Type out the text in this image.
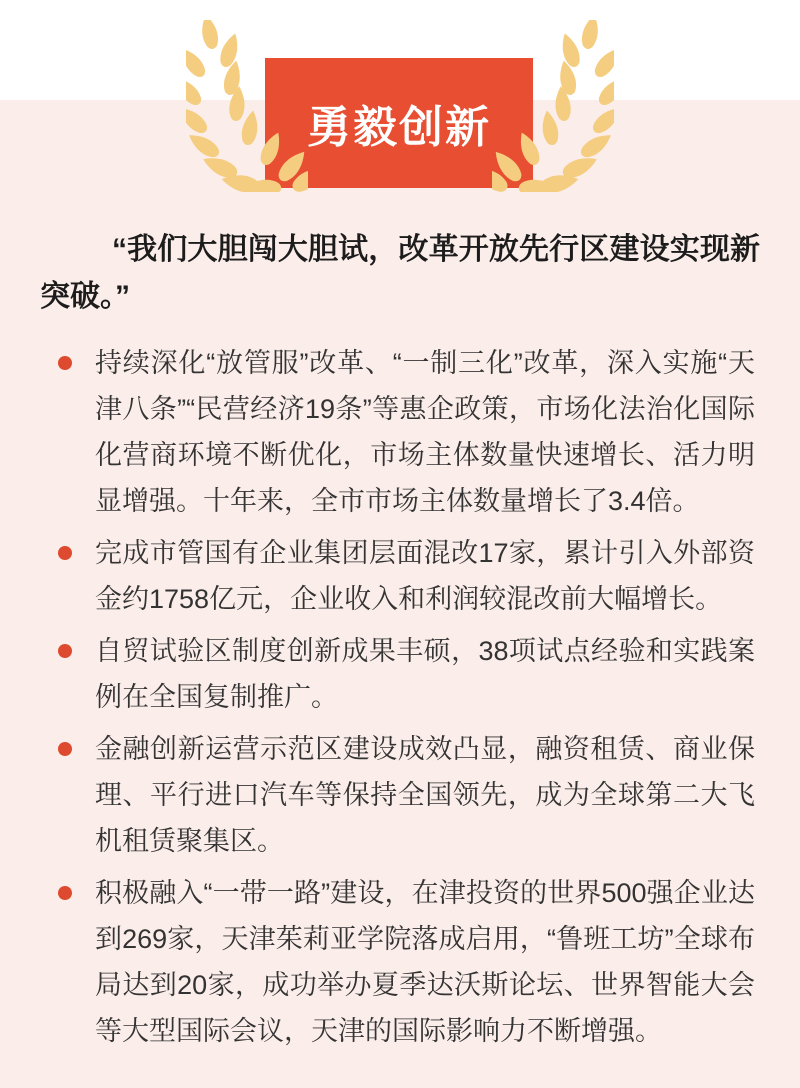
勇毅创新

“我们大胆闯大胆试，改革开放先行区建设实现新突破。”

持续深化“放管服”改革、“一制三化”改革，深入实施“天津八条”“民营经济19条”等惠企政策，市场化法治化国际化营商环境不断优化，市场主体数量快速增长、活力明显增强。十年来，全市市场主体数量增长了3.4倍。
完成市管国有企业集团层面混改17家，累计引入外部资金约1758亿元，企业收入和利润较混改前大幅增长。
自贸试验区制度创新成果丰硕，38项试点经验和实践案例在全国复制推广。
金融创新运营示范区建设成效凸显，融资租赁、商业保理、平行进口汽车等保持全国领先，成为全球第二大飞机租赁聚集区。
积极融入“一带一路”建设，在津投资的世界500强企业达到269家，天津茱莉亚学院落成启用，“鲁班工坊”全球布局达到20家，成功举办夏季达沃斯论坛、世界智能大会等大型国际会议，天津的国际影响力不断增强。
